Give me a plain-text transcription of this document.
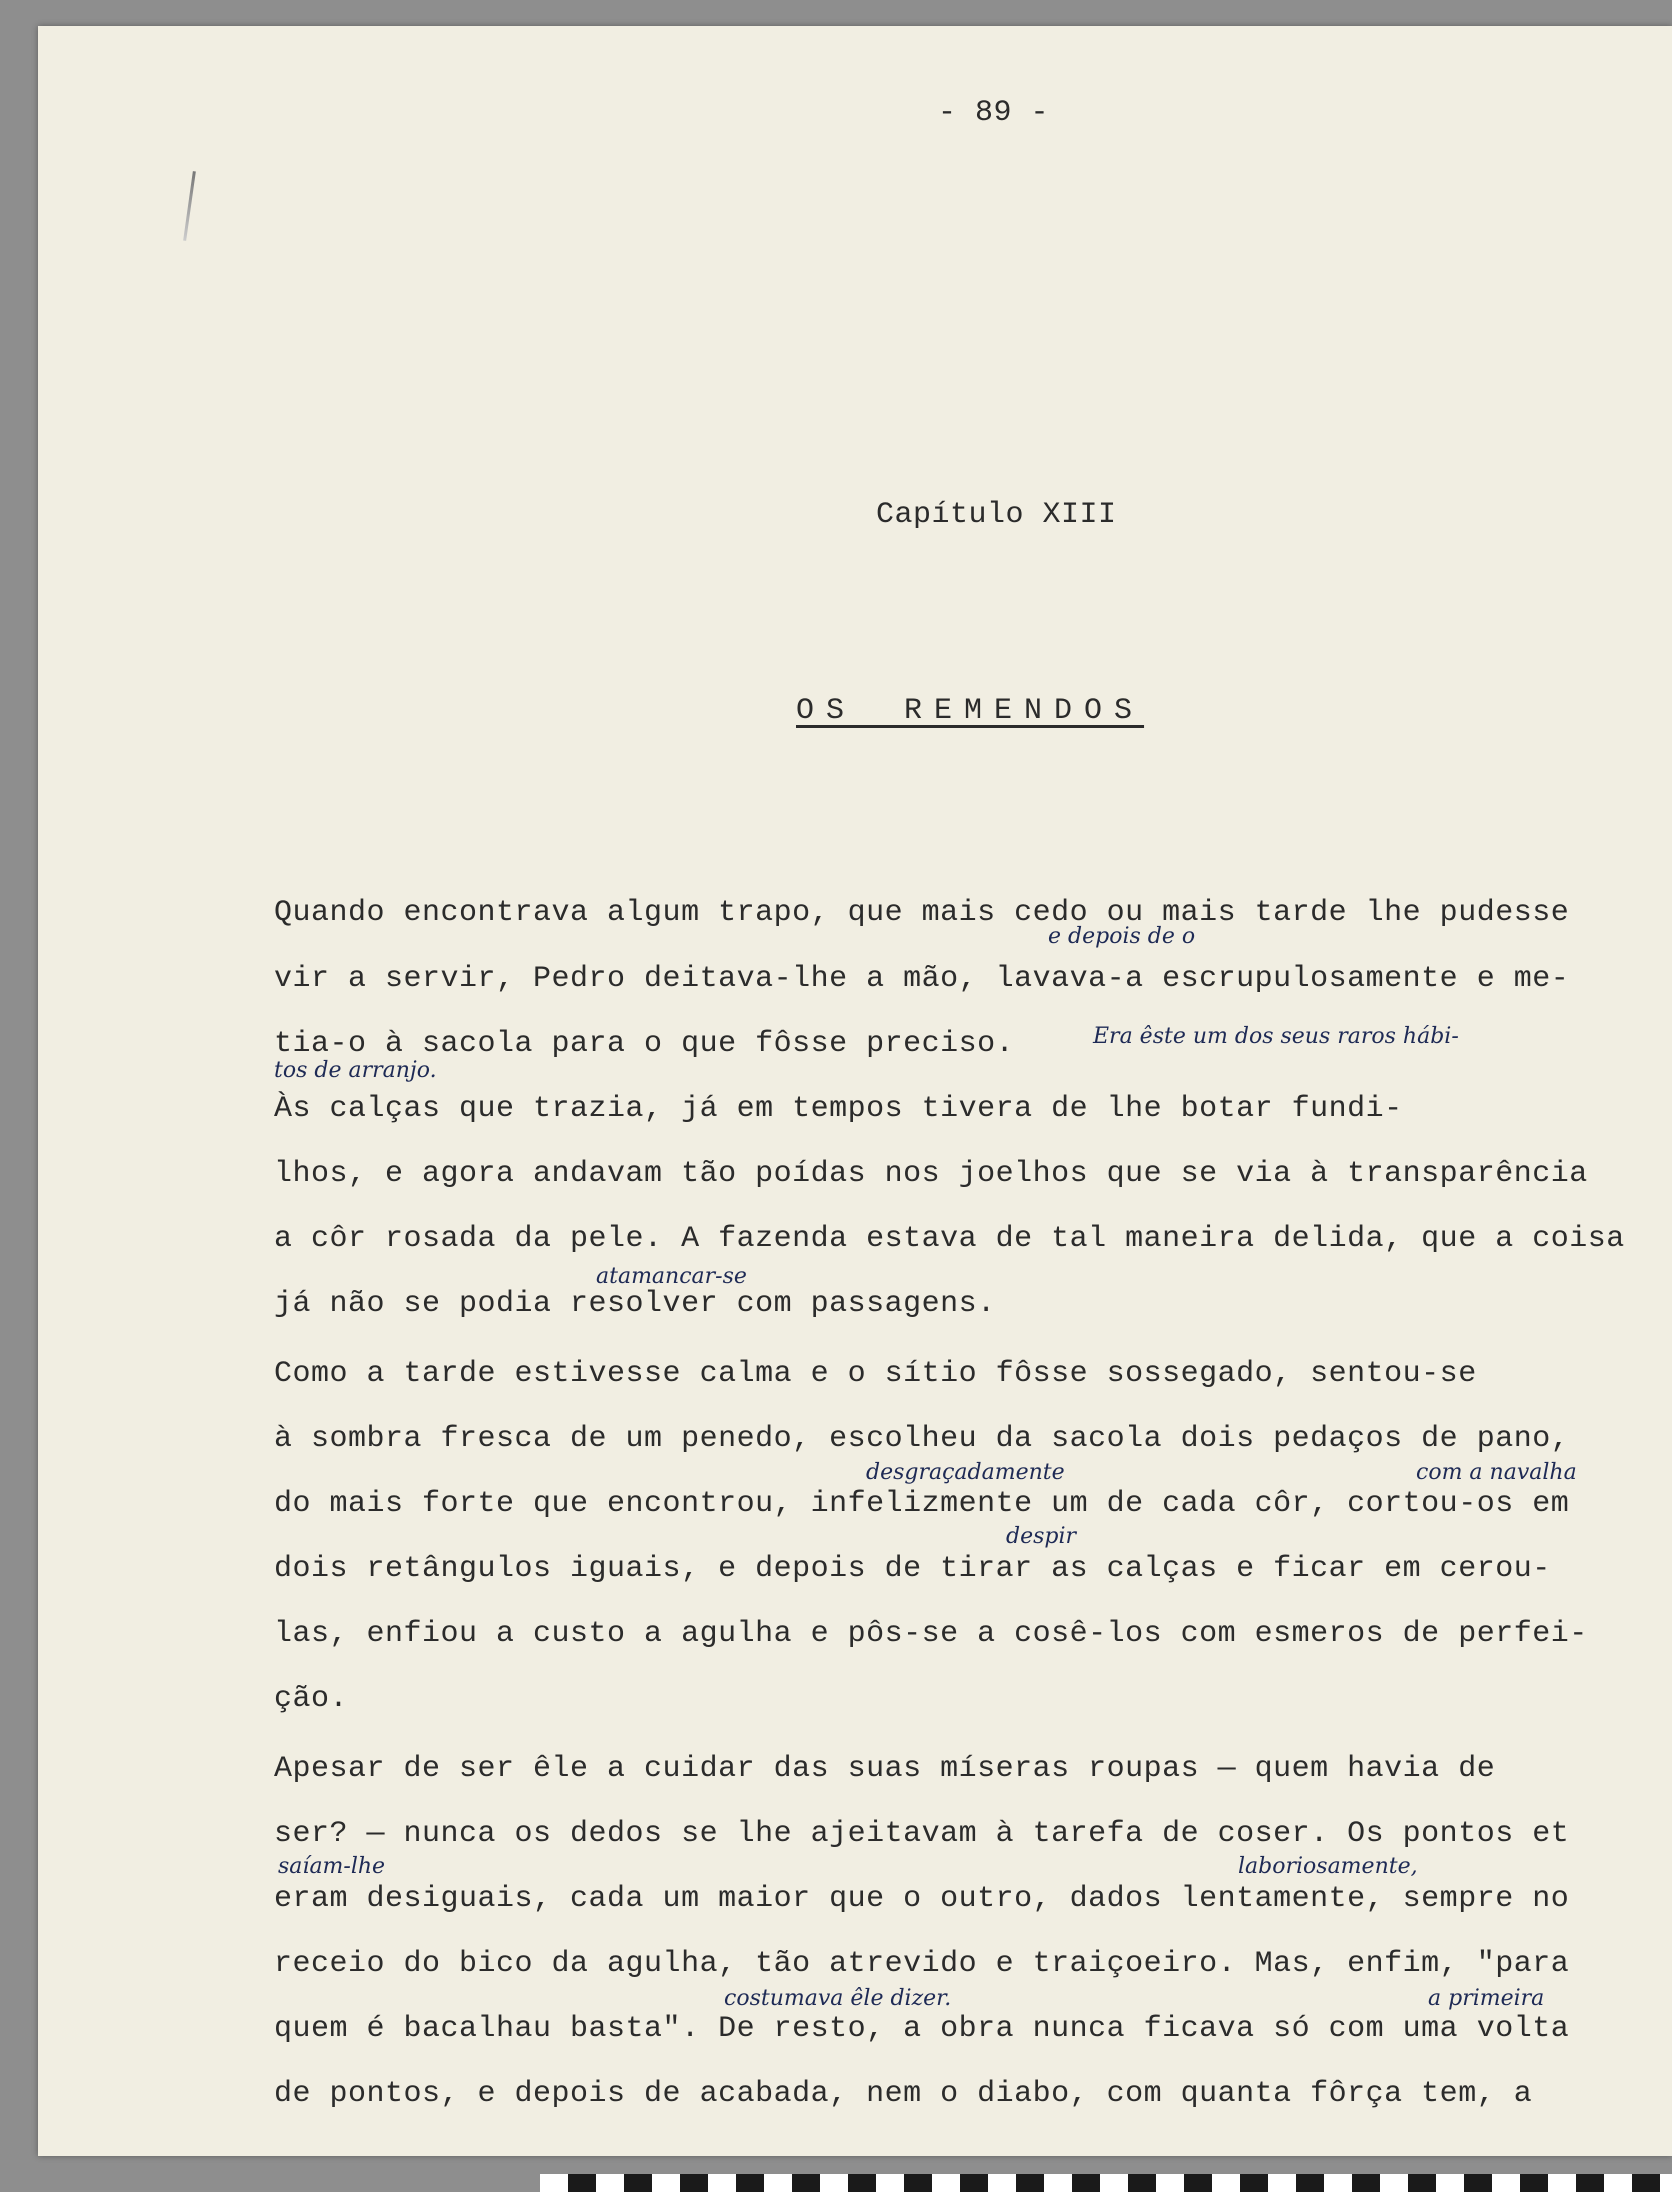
- 89 -
Capítulo XIII
OS REMENDOS
Quando encontrava algum trapo, que mais cedo ou mais tarde lhe pudesse
vir a servir, Pedro deitava-lhe a mão, lavava-a escrupulosamente e me-
tia-o à sacola para o que fôsse preciso.
Às calças que trazia, já em tempos tivera de lhe botar fundi-
lhos, e agora andavam tão poídas nos joelhos que se via à transparência
a côr rosada da pele. A fazenda estava de tal maneira delida, que a coisa
já não se podia resolver com passagens.
Como a tarde estivesse calma e o sítio fôsse sossegado, sentou-se
à sombra fresca de um penedo, escolheu da sacola dois pedaços de pano,
do mais forte que encontrou, infelizmente um de cada côr, cortou-os em
dois retângulos iguais, e depois de tirar as calças e ficar em cerou-
las, enfiou a custo a agulha e pôs-se a cosê-los com esmeros de perfei-
ção.
Apesar de ser êle a cuidar das suas míseras roupas — quem havia de
ser? — nunca os dedos se lhe ajeitavam à tarefa de coser. Os pontos et
eram desiguais, cada um maior que o outro, dados lentamente, sempre no
receio do bico da agulha, tão atrevido e traiçoeiro. Mas, enfim, "para
quem é bacalhau basta". De resto, a obra nunca ficava só com uma volta
de pontos, e depois de acabada, nem o diabo, com quanta fôrça tem, a
e depois de o
Era êste um dos seus raros hábi-
tos de arranjo.
atamancar-se
desgraçadamente	com a navalha
despir
saíam-lhe	laboriosamente,
costumava êle dizer.	a primeira
